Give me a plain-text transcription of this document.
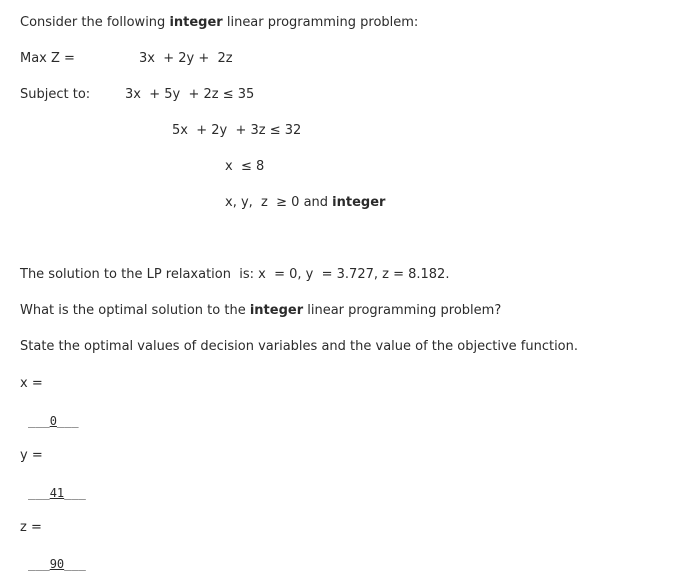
Consider the following integer linear programming problem:
Max Z =	3x  + 2y +  2z
Subject to:	3x  + 5y  + 2z ≤ 35
5x  + 2y  + 3z ≤ 32
x  ≤ 8
x, y,  z  ≥ 0 and integer
The solution to the LP relaxation  is: x  = 0, y  = 3.727, z = 8.182.
What is the optimal solution to the integer linear programming problem?
State the optimal values of decision variables and the value of the objective function.
x =
___0___
y =
___41___
z =
___90___
